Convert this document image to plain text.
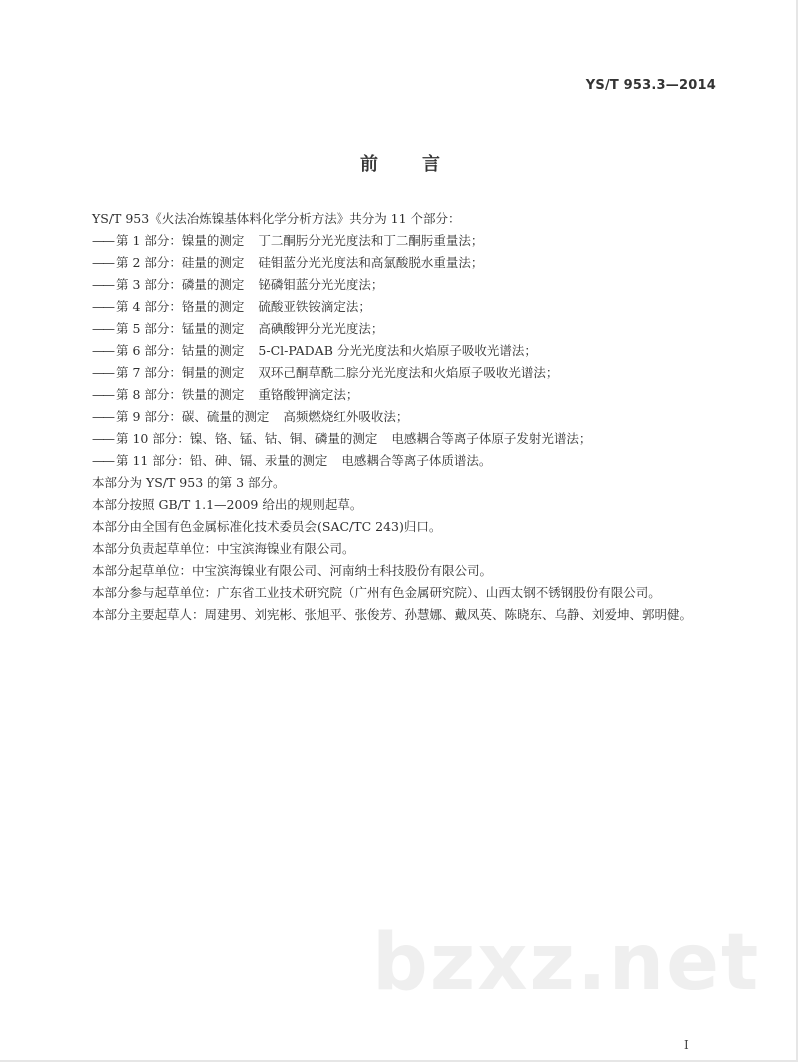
YS/T 953.3—2014
前言

YS/T 953《火法冶炼镍基体料化学分析方法》共分为 11 个部分：

—— 第 1 部分：镍量的测定 丁二酮肟分光光度法和丁二酮肟重量法；

—— 第 2 部分：硅量的测定 硅钼蓝分光光度法和高氯酸脱水重量法；

—— 第 3 部分：磷量的测定 铋磷钼蓝分光光度法；

—— 第 4 部分：铬量的测定 硫酸亚铁铵滴定法；

—— 第 5 部分：锰量的测定 高碘酸钾分光光度法；

—— 第 6 部分：钴量的测定 5-Cl-PADAB 分光光度法和火焰原子吸收光谱法；

—— 第 7 部分：铜量的测定 双环己酮草酰二腙分光光度法和火焰原子吸收光谱法；

—— 第 8 部分：铁量的测定 重铬酸钾滴定法；

—— 第 9 部分：碳、硫量的测定 高频燃烧红外吸收法；

—— 第 10 部分：镍、铬、锰、钴、铜、磷量的测定 电感耦合等离子体原子发射光谱法；

—— 第 11 部分：铅、砷、镉、汞量的测定 电感耦合等离子体质谱法。

本部分为 YS/T 953 的第 3 部分。

本部分按照 GB/T 1.1—2009 给出的规则起草。

本部分由全国有色金属标准化技术委员会(SAC/TC 243)归口。

本部分负责起草单位：中宝滨海镍业有限公司。

本部分起草单位：中宝滨海镍业有限公司、河南纳士科技股份有限公司。

本部分参与起草单位：广东省工业技术研究院（广州有色金属研究院）、山西太钢不锈钢股份有限公司。

本部分主要起草人：周建男、刘宪彬、张旭平、张俊芳、孙慧娜、戴凤英、陈晓东、乌静、刘爱坤、郭明健。

bzxz.net
I
